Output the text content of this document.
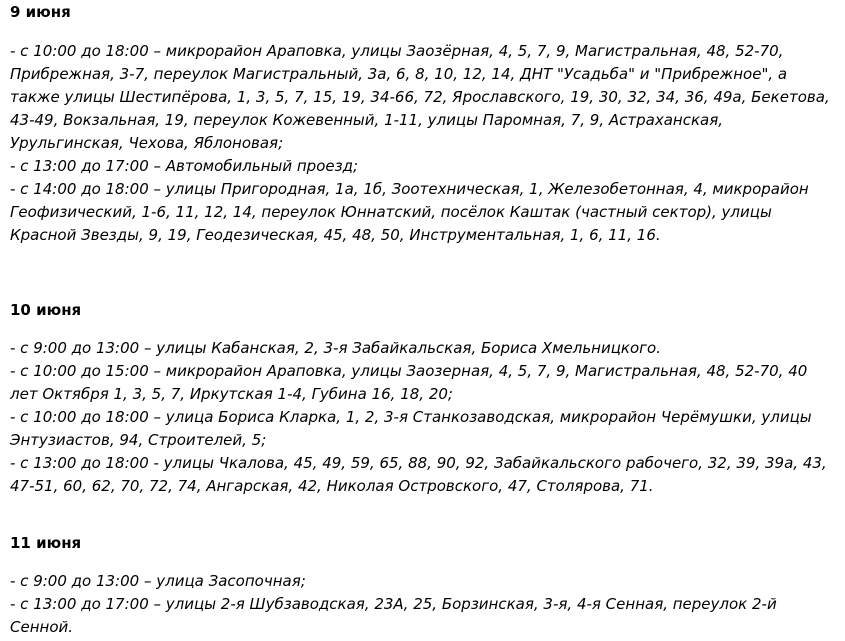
9 июня

- с 10:00 до 18:00 – микрорайон Араповка, улицы Заозёрная, 4, 5, 7, 9, Магистральная, 48, 52-70, Прибрежная, 3-7, переулок Магистральный, 3а, 6, 8, 10, 12, 14, ДНТ "Усадьба" и "Прибрежное", а также улицы Шестипёрова, 1, 3, 5, 7, 15, 19, 34-66, 72, Ярославского, 19, 30, 32, 34, 36, 49а, Бекетова, 43-49, Вокзальная, 19, переулок Кожевенный, 1-11, улицы Паромная, 7, 9, Астраханская, Урульгинская, Чехова, Яблоновая;
- с 13:00 до 17:00 – Автомобильный проезд;
- с 14:00 до 18:00 – улицы Пригородная, 1а, 1б, Зоотехническая, 1, Железобетонная, 4, микрорайон Геофизический, 1-6, 11, 12, 14, переулок Юннатский, посёлок Каштак (частный сектор), улицы Красной Звезды, 9, 19, Геодезическая, 45, 48, 50, Инструментальная, 1, 6, 11, 16.

10 июня

- с 9:00 до 13:00 – улицы Кабанская, 2, 3-я Забайкальская, Бориса Хмельницкого.
- с 10:00 до 15:00 – микрорайон Араповка, улицы Заозерная, 4, 5, 7, 9, Магистральная, 48, 52-70, 40 лет Октября 1, 3, 5, 7, Иркутская 1-4, Губина 16, 18, 20;
- с 10:00 до 18:00 – улица Бориса Кларка, 1, 2, 3-я Станкозаводская, микрорайон Черёмушки, улицы Энтузиастов, 94, Строителей, 5;
- с 13:00 до 18:00 - улицы Чкалова, 45, 49, 59, 65, 88, 90, 92, Забайкальского рабочего, 32, 39, 39а, 43, 47-51, 60, 62, 70, 72, 74, Ангарская, 42, Николая Островского, 47, Столярова, 71.

11 июня

- с 9:00 до 13:00 – улица Засопочная;
- с 13:00 до 17:00 – улицы 2-я Шубзаводская, 23А, 25, Борзинская, 3-я, 4-я Сенная, переулок 2-й Сенной.
